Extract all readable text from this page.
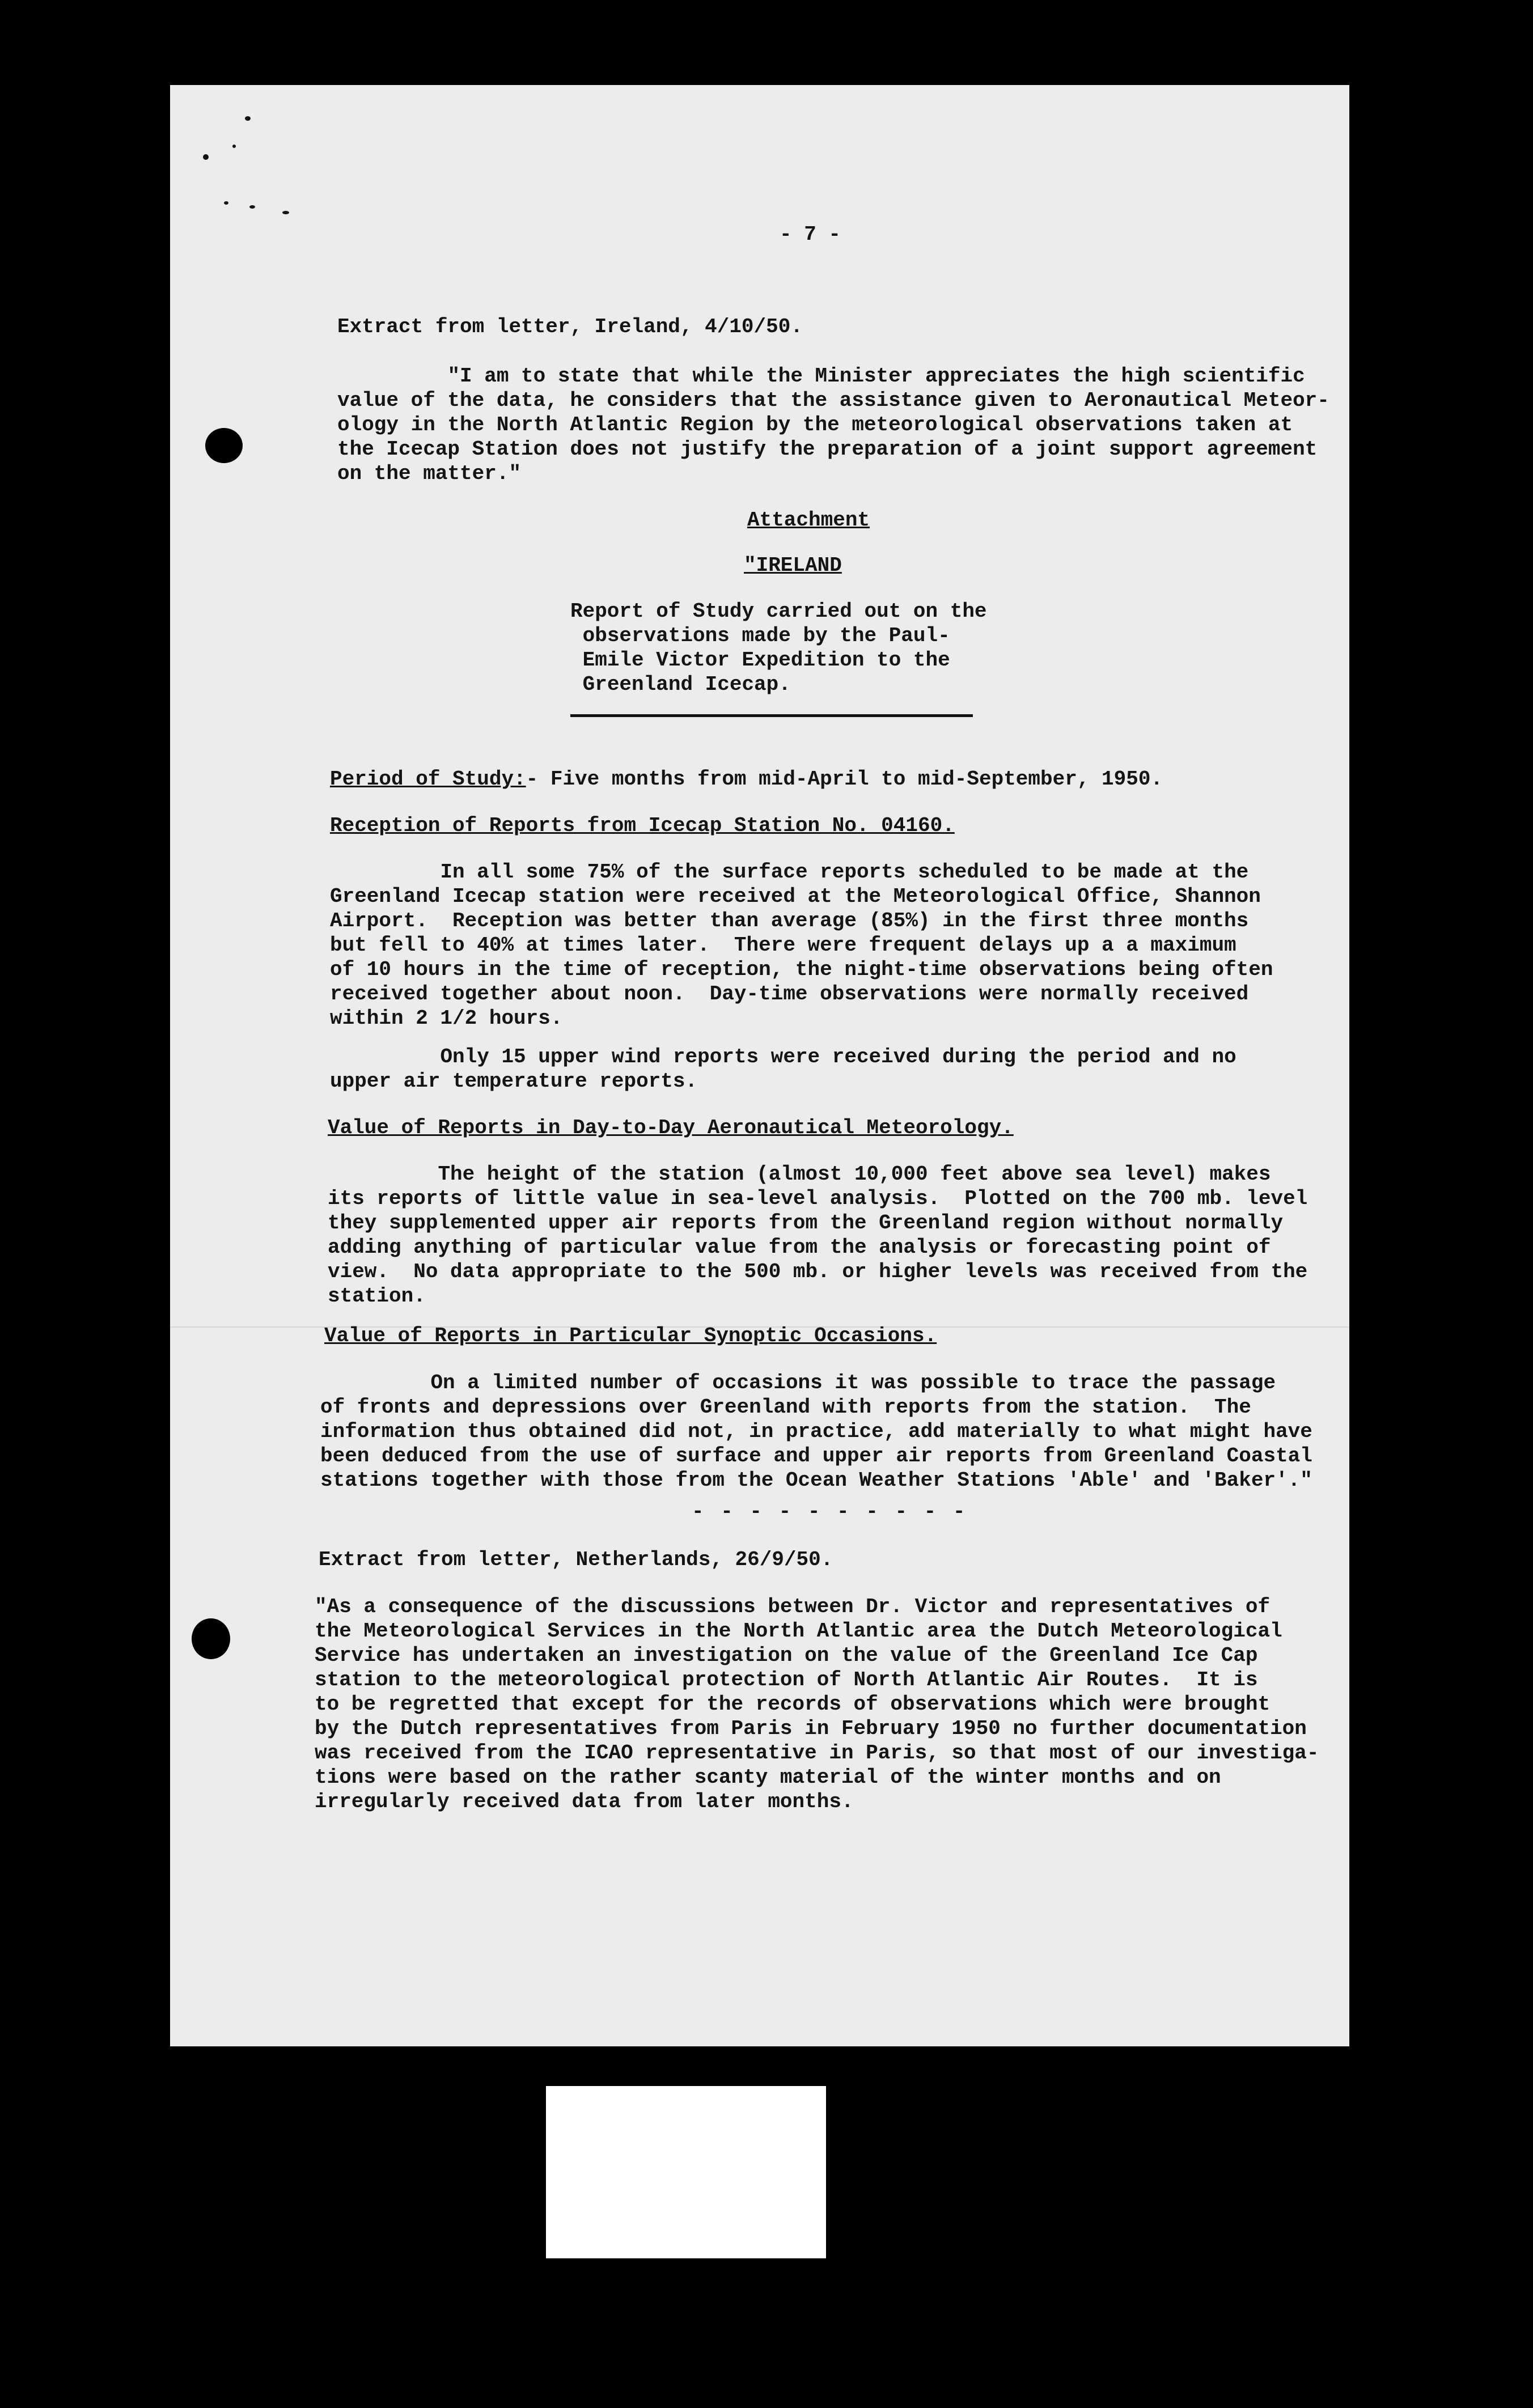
- 7 -
Extract from letter, Ireland, 4/10/50.
"I am to state that while the Minister appreciates the high scientific
value of the data, he considers that the assistance given to Aeronautical Meteor-
ology in the North Atlantic Region by the meteorological observations taken at
the Icecap Station does not justify the preparation of a joint support agreement
on the matter."
Attachment
"IRELAND
Report of Study carried out on the
observations made by the Paul-
Emile Victor Expedition to the
Greenland Icecap.
Period of Study:- Five months from mid-April to mid-September, 1950.
Reception of Reports from Icecap Station No. 04160.
In all some 75% of the surface reports scheduled to be made at the
Greenland Icecap station were received at the Meteorological Office, Shannon
Airport.  Reception was better than average (85%) in the first three months
but fell to 40% at times later.  There were frequent delays up a a maximum
of 10 hours in the time of reception, the night-time observations being often
received together about noon.  Day-time observations were normally received
within 2 1/2 hours.
Only 15 upper wind reports were received during the period and no
upper air temperature reports.
Value of Reports in Day-to-Day Aeronautical Meteorology.
The height of the station (almost 10,000 feet above sea level) makes
its reports of little value in sea-level analysis.  Plotted on the 700 mb. level
they supplemented upper air reports from the Greenland region without normally
adding anything of particular value from the analysis or forecasting point of
view.  No data appropriate to the 500 mb. or higher levels was received from the
station.
Value of Reports in Particular Synoptic Occasions.
On a limited number of occasions it was possible to trace the passage
of fronts and depressions over Greenland with reports from the station.  The
information thus obtained did not, in practice, add materially to what might have
been deduced from the use of surface and upper air reports from Greenland Coastal
stations together with those from the Ocean Weather Stations 'Able' and 'Baker'."
- - - - - - - - - -
Extract from letter, Netherlands, 26/9/50.
"As a consequence of the discussions between Dr. Victor and representatives of
the Meteorological Services in the North Atlantic area the Dutch Meteorological
Service has undertaken an investigation on the value of the Greenland Ice Cap
station to the meteorological protection of North Atlantic Air Routes.  It is
to be regretted that except for the records of observations which were brought
by the Dutch representatives from Paris in February 1950 no further documentation
was received from the ICAO representative in Paris, so that most of our investiga-
tions were based on the rather scanty material of the winter months and on
irregularly received data from later months.
